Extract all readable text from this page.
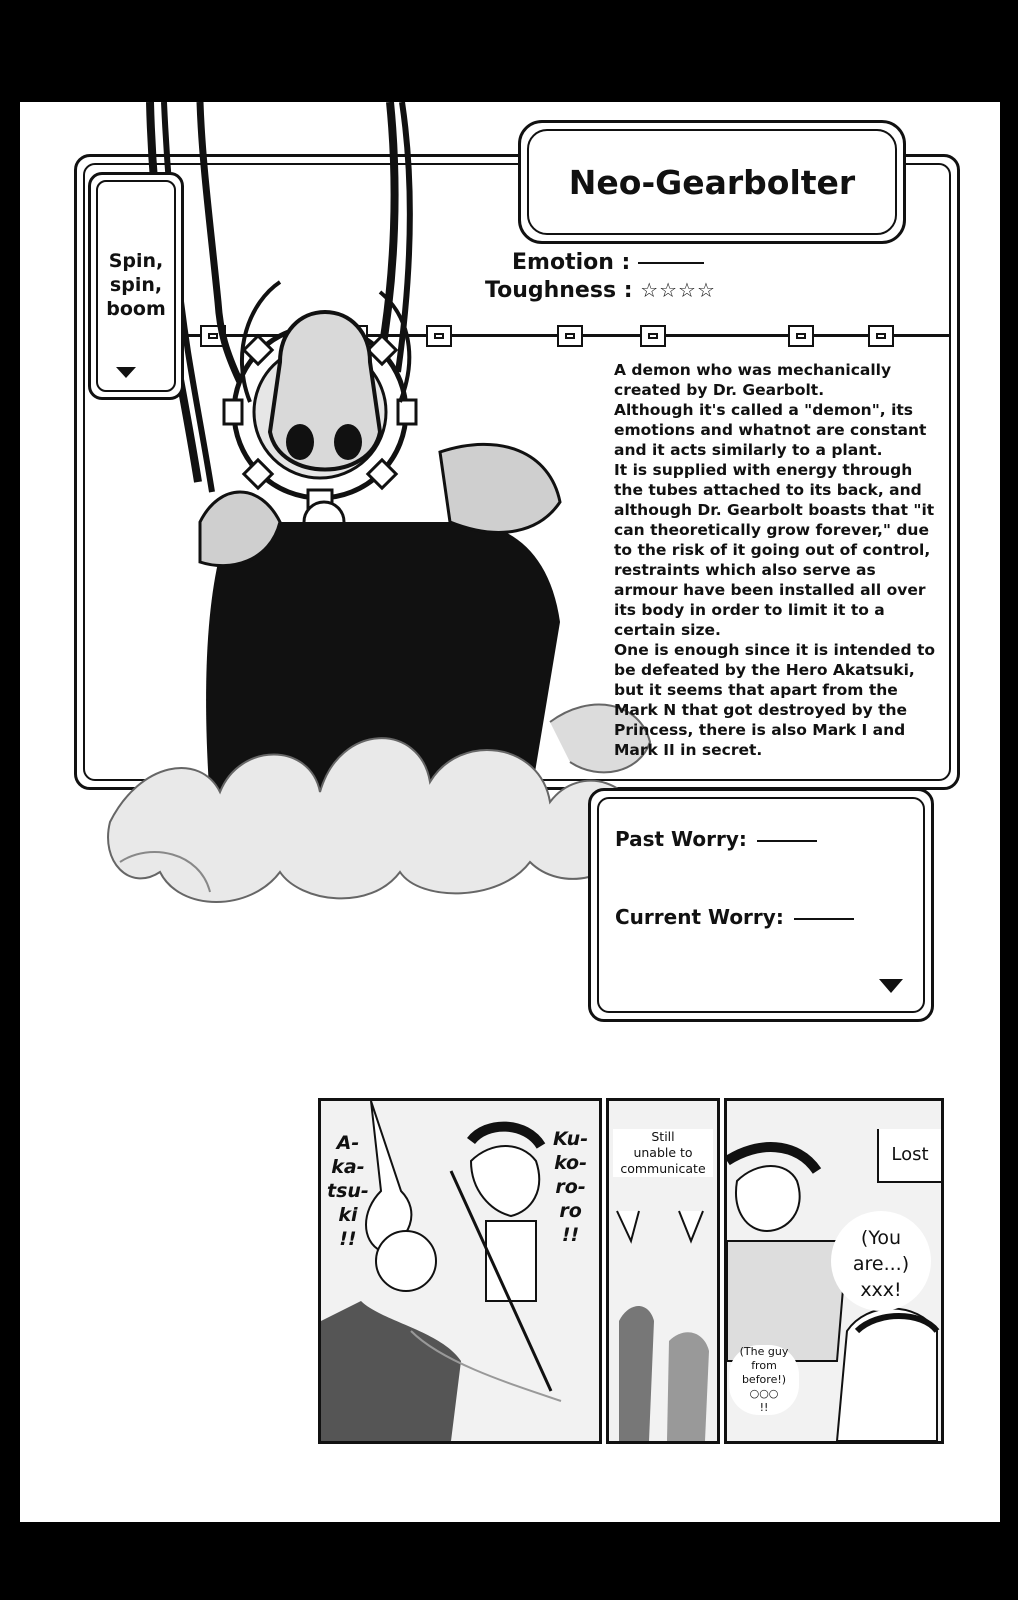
Spin,
spin,
boom
Neo-Gearbolter
Emotion :
Toughness : ☆☆☆☆

A demon who was mechanically created by Dr. Gearbolt.

Although it's called a "demon", its emotions and whatnot are constant and it acts similarly to a plant.

It is supplied with energy through the tubes attached to its back, and although Dr. Gearbolt boasts that "it can theoretically grow forever," due to the risk of it going out of control, restraints which also serve as armour have been installed all over its body in order to limit it to a certain size.

One is enough since it is intended to be defeated by the Hero Akatsuki, but it seems that apart from the Mark N that got destroyed by the Princess, there is also Mark I and Mark II in secret.

Past Worry:
Current Worry:
A-
ka-
tsu-
ki
!!
Ku-
ko-
ro-
ro
!!
Still
unable to
communicate
Lost
(You
are...)
xxx!
(The guy
from
before!)
○○○
!!
